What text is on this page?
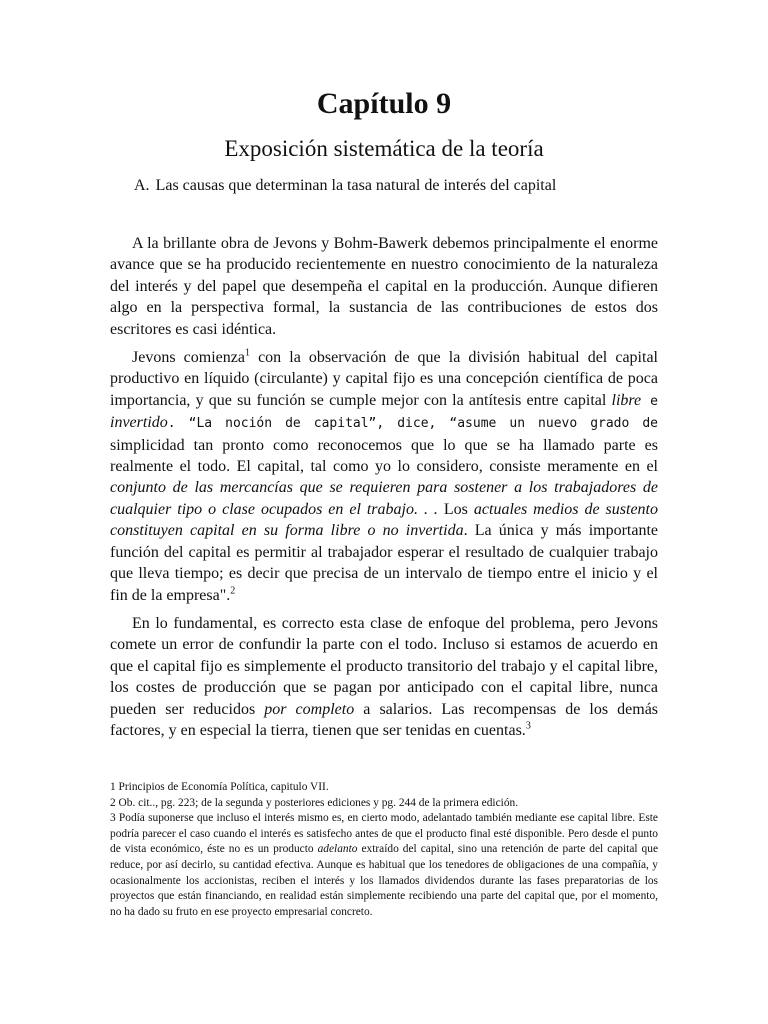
Capítulo 9
Exposición sistemática de la teoría
A. Las causas que determinan la tasa natural de interés del capital

A la brillante obra de Jevons y Bohm-Bawerk debemos principalmente el enorme avance que se ha producido recientemente en nuestro conocimiento de la naturaleza del interés y del papel que desempeña el capital en la producción. Aunque difieren algo en la perspectiva formal, la sustancia de las contribuciones de estos dos escritores es casi idéntica.

Jevons comienza$^1$ con la observación de que la división habitual del capital productivo en líquido (circulante) y capital fijo es una concepción científica de poca importancia, y que su función se cumple mejor con la antítesis entre capital libre e invertido. “La noción de capital”, dice, “asume un nuevo grado de simplicidad tan pronto como reconocemos que lo que se ha llamado parte es realmente el todo. El capital, tal como yo lo considero, consiste meramente en el conjunto de las mercancías que se requieren para sostener a los trabajadores de cualquier tipo o clase ocupados en el trabajo. . . Los actuales medios de sustento constituyen capital en su forma libre o no invertida. La única y más importante función del capital es permitir al trabajador esperar el resultado de cualquier trabajo que lleva tiempo; es decir que precisa de un intervalo de tiempo entre el inicio y el fin de la empresa".$^2$

En lo fundamental, es correcto esta clase de enfoque del problema, pero Jevons comete un error de confundir la parte con el todo. Incluso si estamos de acuerdo en que el capital fijo es simplemente el producto transitorio del trabajo y el capital libre, los costes de producción que se pagan por anticipado con el capital libre, nunca pueden ser reducidos por completo a salarios. Las recompensas de los demás factores, y en especial la tierra, tienen que ser tenidas en cuentas.$^3$

1 Principios de Economía Política, capitulo VII.

2 Ob. cit.., pg. 223; de la segunda y posteriores ediciones y pg. 244 de la primera edición.

3 Podía suponerse que incluso el interés mismo es, en cierto modo, adelantado también mediante ese capital libre. Este podría parecer el caso cuando el interés es satisfecho antes de que el producto final esté disponible. Pero desde el punto de vista económico, éste no es un producto adelanto extraído del capital, sino una retención de parte del capital que reduce, por así decirlo, su cantidad efectiva. Aunque es habitual que los tenedores de obligaciones de una compañía, y ocasionalmente los accionistas, reciben el interés y los llamados dividendos durante las fases preparatorias de los proyectos que están financiando, en realidad están simplemente recibiendo una parte del capital que, por el momento, no ha dado su fruto en ese proyecto empresarial concreto.
